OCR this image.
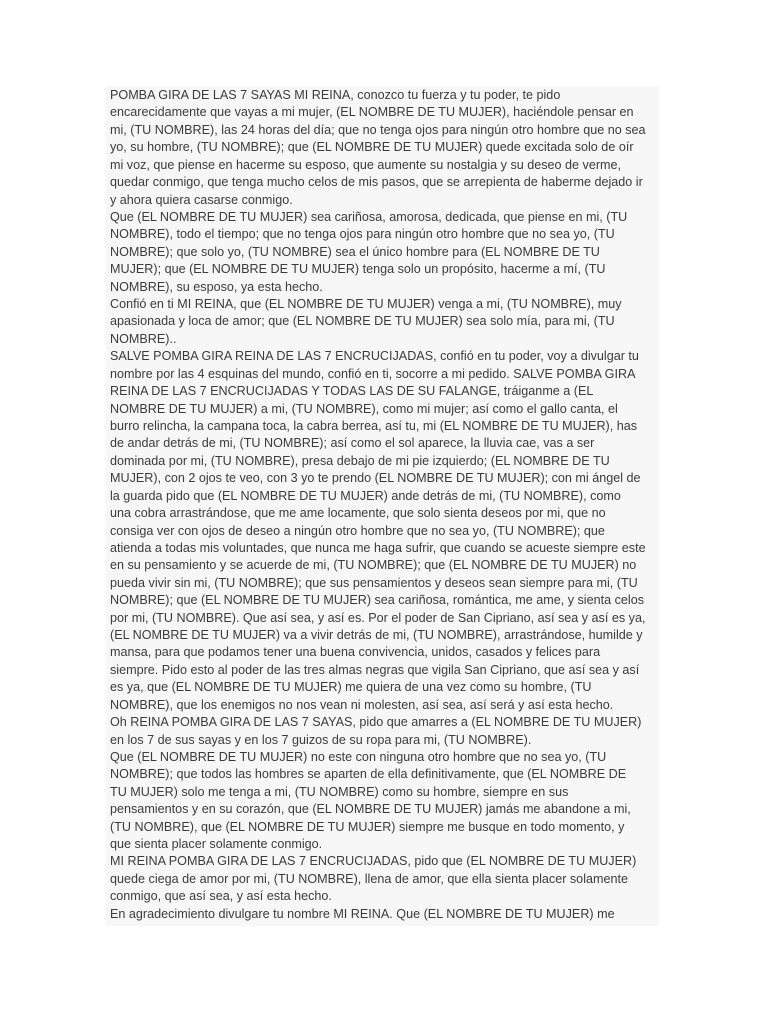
POMBA GIRA DE LAS 7 SAYAS MI REINA, conozco tu fuerza y tu poder, te pido
encarecidamente que vayas a mi mujer, (EL NOMBRE DE TU MUJER), haciéndole pensar en
mi, (TU NOMBRE), las 24 horas del día; que no tenga ojos para ningún otro hombre que no sea
yo, su hombre, (TU NOMBRE); que (EL NOMBRE DE TU MUJER) quede excitada solo de oír
mi voz, que piense en hacerme su esposo, que aumente su nostalgia y su deseo de verme,
quedar conmigo, que tenga mucho celos de mis pasos, que se arrepienta de haberme dejado ir
y ahora quiera casarse conmigo.
Que (EL NOMBRE DE TU MUJER) sea cariñosa, amorosa, dedicada, que piense en mi, (TU
NOMBRE), todo el tiempo; que no tenga ojos para ningún otro hombre que no sea yo, (TU
NOMBRE); que solo yo, (TU NOMBRE) sea el único hombre para (EL NOMBRE DE TU
MUJER); que (EL NOMBRE DE TU MUJER) tenga solo un propósito, hacerme a mí, (TU
NOMBRE), su esposo, ya esta hecho.
Confió en ti MI REINA, que (EL NOMBRE DE TU MUJER) venga a mi, (TU NOMBRE), muy
apasionada y loca de amor; que (EL NOMBRE DE TU MUJER) sea solo mía, para mi, (TU
NOMBRE)..
SALVE POMBA GIRA REINA DE LAS 7 ENCRUCIJADAS, confió en tu poder, voy a divulgar tu
nombre por las 4 esquinas del mundo, confió en ti, socorre a mi pedido. SALVE POMBA GIRA
REINA DE LAS 7 ENCRUCIJADAS Y TODAS LAS DE SU FALANGE, tráiganme a (EL
NOMBRE DE TU MUJER) a mi, (TU NOMBRE), como mi mujer; así como el gallo canta, el
burro relincha, la campana toca, la cabra berrea, así tu, mi (EL NOMBRE DE TU MUJER), has
de andar detrás de mi, (TU NOMBRE); así como el sol aparece, la lluvia cae, vas a ser
dominada por mi, (TU NOMBRE), presa debajo de mi pie izquierdo; (EL NOMBRE DE TU
MUJER), con 2 ojos te veo, con 3 yo te prendo (EL NOMBRE DE TU MUJER); con mi ángel de
la guarda pido que (EL NOMBRE DE TU MUJER) ande detrás de mi, (TU NOMBRE), como
una cobra arrastrándose, que me ame locamente, que solo sienta deseos por mi, que no
consiga ver con ojos de deseo a ningún otro hombre que no sea yo, (TU NOMBRE); que
atienda a todas mis voluntades, que nunca me haga sufrir, que cuando se acueste siempre este
en su pensamiento y se acuerde de mi, (TU NOMBRE); que (EL NOMBRE DE TU MUJER) no
pueda vivir sin mi, (TU NOMBRE); que sus pensamientos y deseos sean siempre para mi, (TU
NOMBRE); que (EL NOMBRE DE TU MUJER) sea cariñosa, romántica, me ame, y sienta celos
por mi, (TU NOMBRE). Que así sea, y así es. Por el poder de San Cipriano, así sea y así es ya,
(EL NOMBRE DE TU MUJER) va a vivir detrás de mi, (TU NOMBRE), arrastrándose, humilde y
mansa, para que podamos tener una buena convivencia, unidos, casados y felices para
siempre. Pido esto al poder de las tres almas negras que vigila San Cipriano, que así sea y así
es ya, que (EL NOMBRE DE TU MUJER) me quiera de una vez como su hombre, (TU
NOMBRE), que los enemigos no nos vean ni molesten, así sea, así será y así esta hecho.
Oh REINA POMBA GIRA DE LAS 7 SAYAS, pido que amarres a (EL NOMBRE DE TU MUJER)
en los 7 de sus sayas y en los 7 guizos de su ropa para mi, (TU NOMBRE).
Que (EL NOMBRE DE TU MUJER) no este con ninguna otro hombre que no sea yo, (TU
NOMBRE); que todos las hombres se aparten de ella definitivamente, que (EL NOMBRE DE
TU MUJER) solo me tenga a mi, (TU NOMBRE) como su hombre, siempre en sus
pensamientos y en su corazón, que (EL NOMBRE DE TU MUJER) jamás me abandone a mi,
(TU NOMBRE), que (EL NOMBRE DE TU MUJER) siempre me busque en todo momento, y
que sienta placer solamente conmigo.
MI REINA POMBA GIRA DE LAS 7 ENCRUCIJADAS, pido que (EL NOMBRE DE TU MUJER)
quede ciega de amor por mi, (TU NOMBRE), llena de amor, que ella sienta placer solamente
conmigo, que así sea, y así esta hecho.
En agradecimiento divulgare tu nombre MI REINA. Que (EL NOMBRE DE TU MUJER) me
